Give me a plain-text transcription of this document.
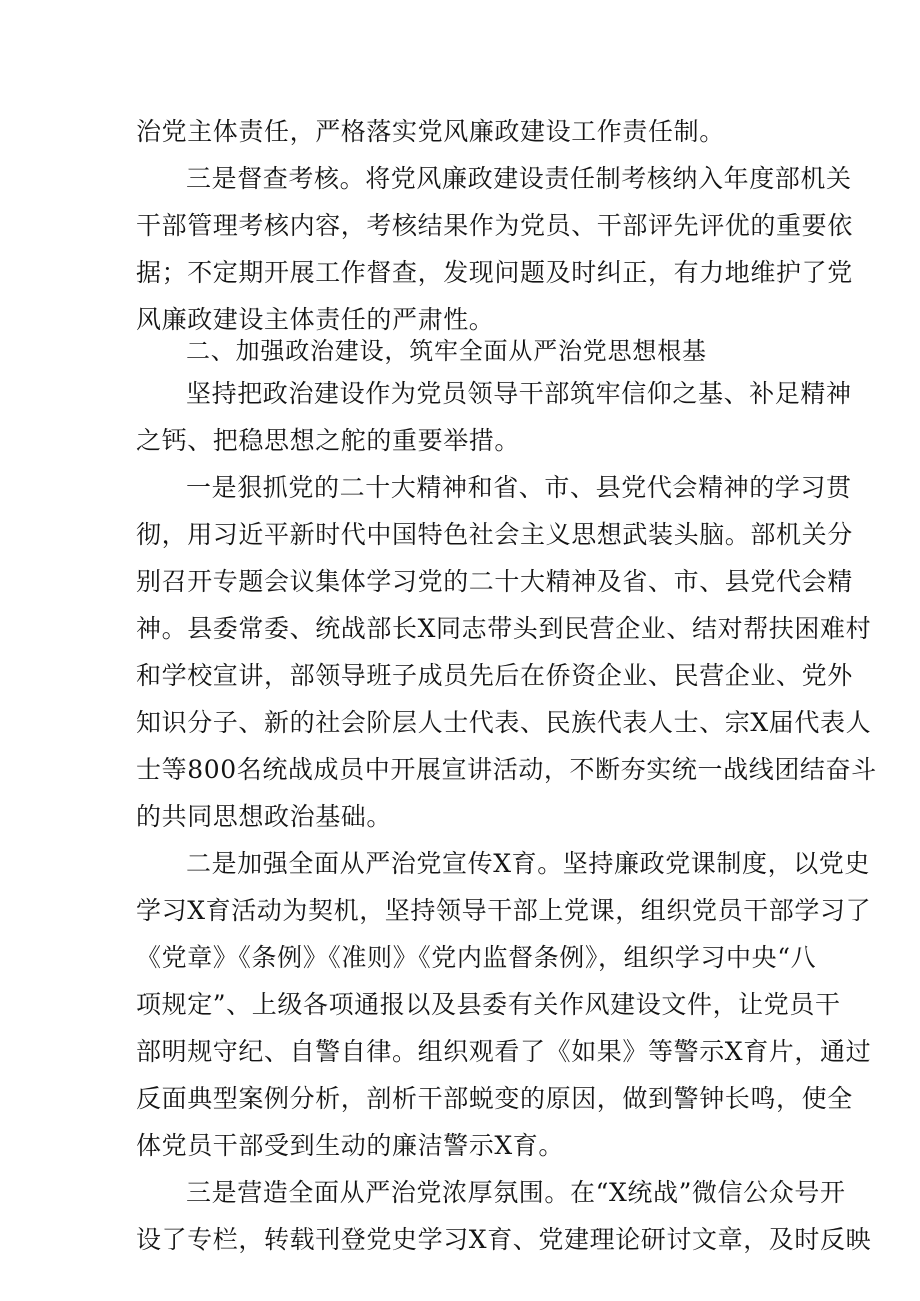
治党主体责任，严格落实党风廉政建设工作责任制。
三是督查考核。将党风廉政建设责任制考核纳入年度部机关
干部管理考核内容，考核结果作为党员、干部评先评优的重要依
据；不定期开展工作督查，发现问题及时纠正，有力地维护了党
风廉政建设主体责任的严肃性。
二、加强政治建设，筑牢全面从严治党思想根基
坚持把政治建设作为党员领导干部筑牢信仰之基、补足精神
之钙、把稳思想之舵的重要举措。
一是狠抓党的二十大精神和省、市、县党代会精神的学习贯
彻，用习近平新时代中国特色社会主义思想武装头脑。部机关分
别召开专题会议集体学习党的二十大精神及省、市、县党代会精
神。县委常委、统战部长X同志带头到民营企业、结对帮扶困难村
和学校宣讲，部领导班子成员先后在侨资企业、民营企业、党外
知识分子、新的社会阶层人士代表、民族代表人士、宗X届代表人
士等800名统战成员中开展宣讲活动，不断夯实统一战线团结奋斗
的共同思想政治基础。
二是加强全面从严治党宣传X育。坚持廉政党课制度，以党史
学习X育活动为契机，坚持领导干部上党课，组织党员干部学习了
《党章》《条例》《准则》《党内监督条例》，组织学习中央“八
项规定”、上级各项通报以及县委有关作风建设文件，让党员干
部明规守纪、自警自律。组织观看了《如果》等警示X育片，通过
反面典型案例分析，剖析干部蜕变的原因，做到警钟长鸣，使全
体党员干部受到生动的廉洁警示X育。
三是营造全面从严治党浓厚氛围。在“X统战”微信公众号开
设了专栏，转载刊登党史学习X育、党建理论研讨文章，及时反映
